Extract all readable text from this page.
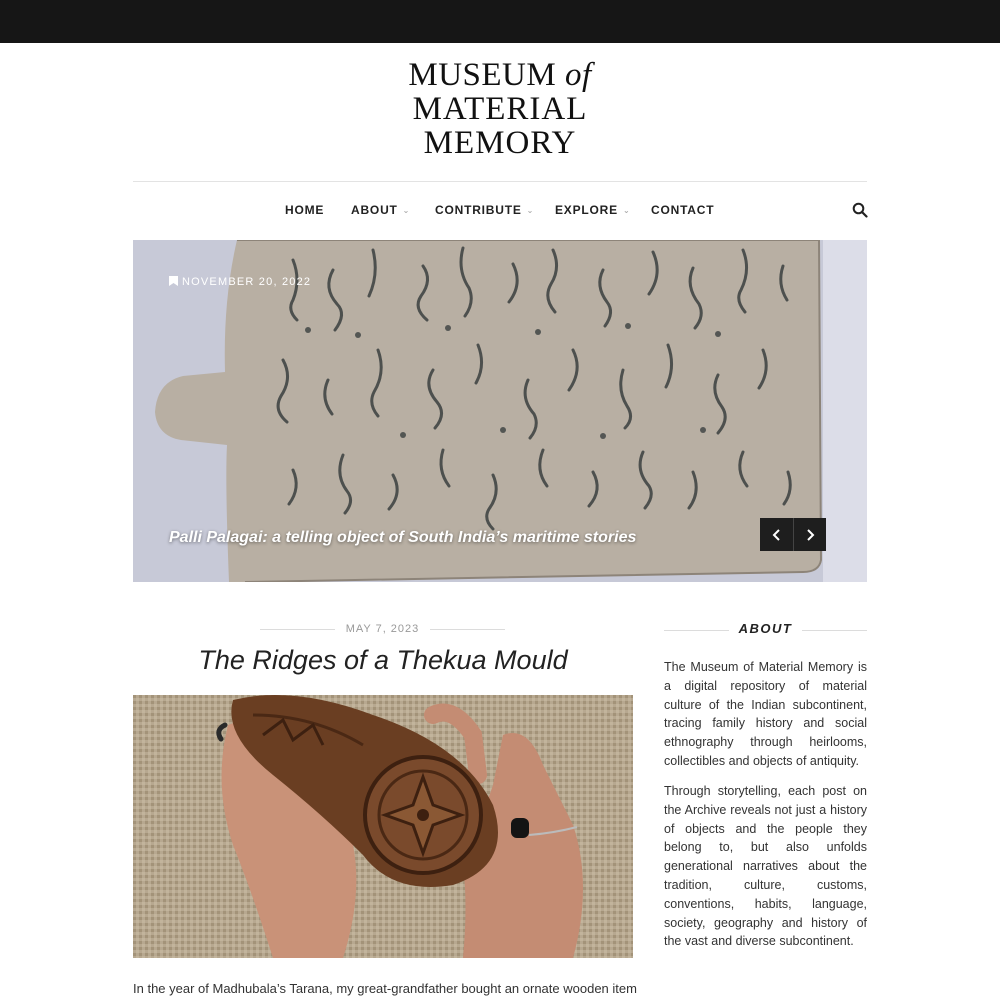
MUSEUM of
MATERIAL
MEMORY
HOME ABOUT ⌄ CONTRIBUTE ⌄ EXPLORE ⌄ CONTACT
NOVEMBER 20, 2022
Palli Palagai: a telling object of South India’s maritime stories
MAY 7, 2023
The Ridges of a Thekua Mould
In the year of Madhubala’s Tarana, my great-grandfather bought an ornate wooden item
ABOUT

The Museum of Material Memory is a digital repository of material culture of the Indian subcontinent, tracing family history and social ethnography through heirlooms, collectibles and objects of antiquity.

Through storytelling, each post on the Archive reveals not just a history of objects and the people they belong to, but also unfolds generational narratives about the tradition, culture, customs, conventions, habits, language, society, geography and history of the vast and diverse subcontinent.
